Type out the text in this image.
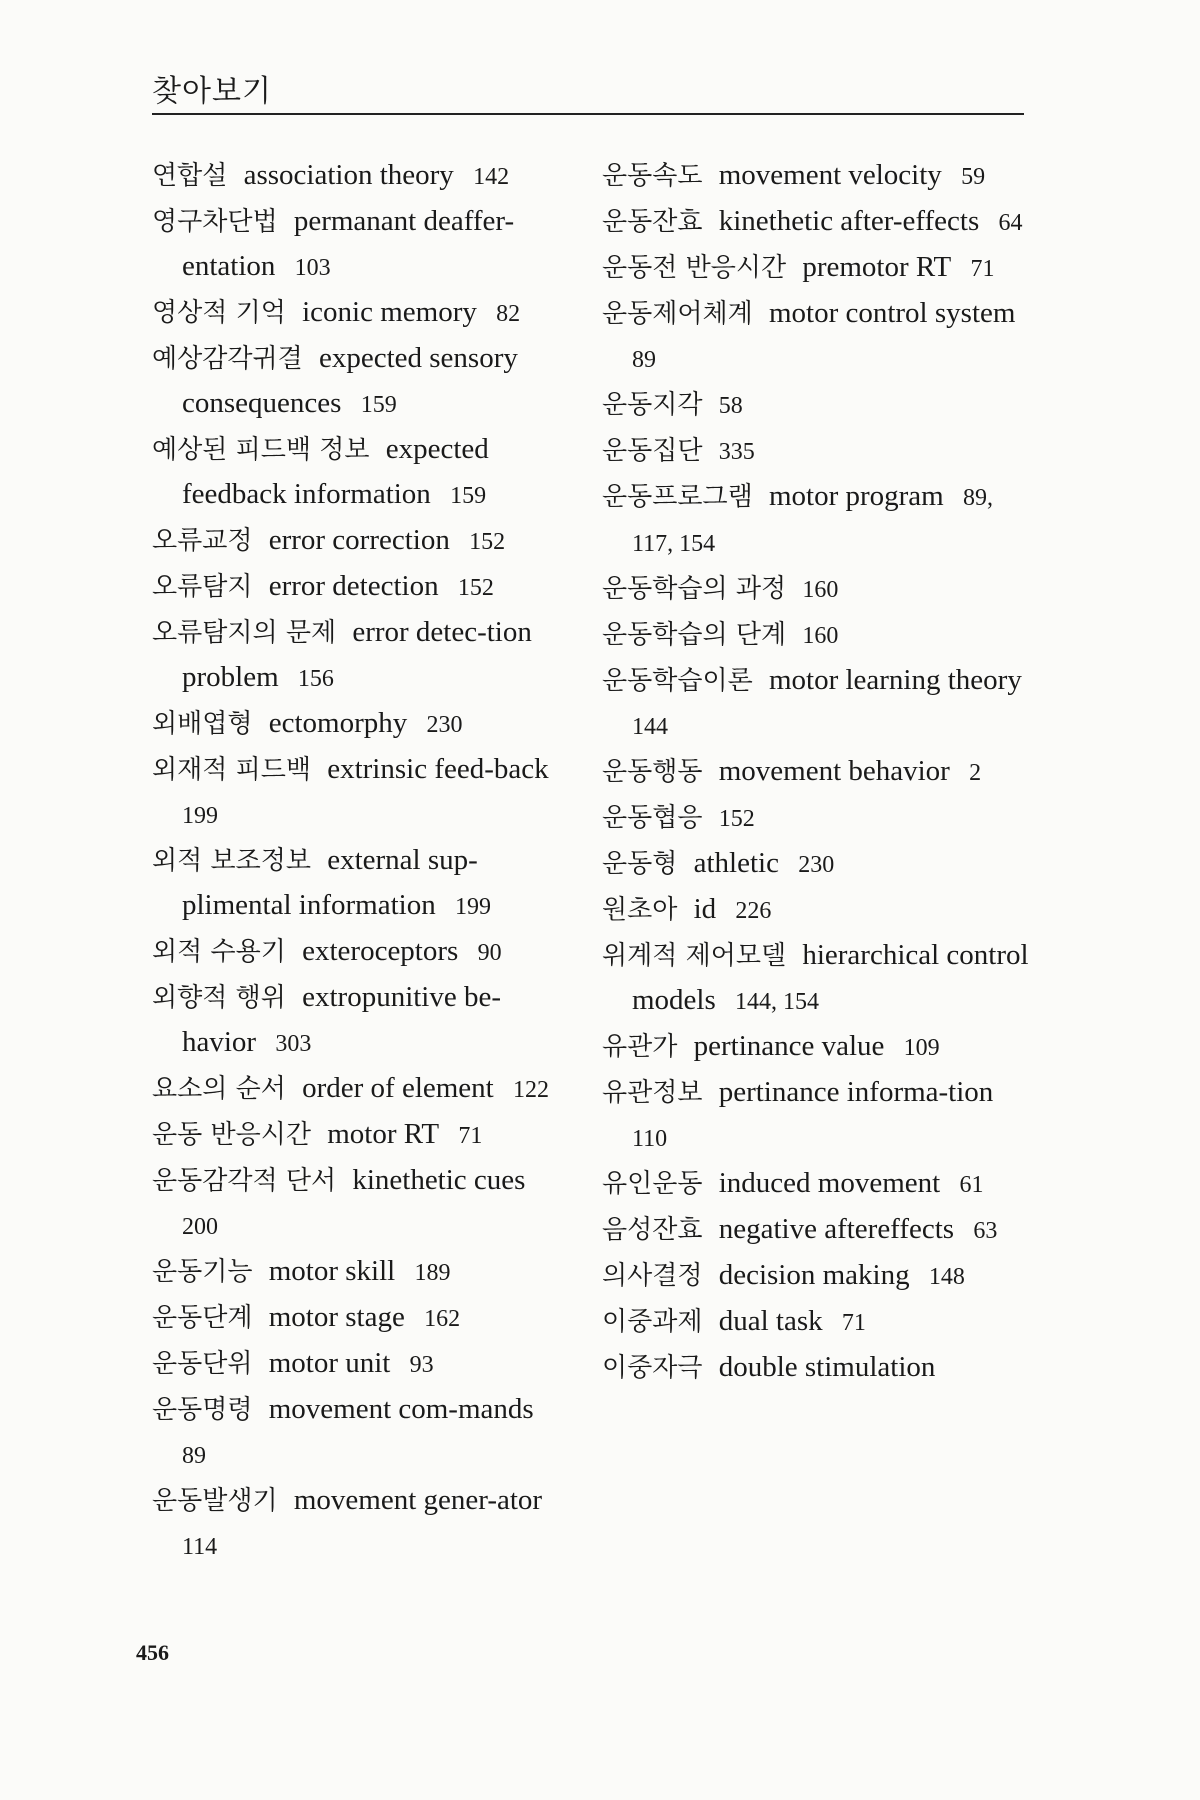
찾아보기
연합설 association theory 142
영구차단법 permanant deaffer-entation 103
영상적 기억 iconic memory 82
예상감각귀결 expected sensory consequences 159
예상된 피드백 정보 expected feedback information 159
오류교정 error correction 152
오류탐지 error detection 152
오류탐지의 문제 error detec-tion problem 156
외배엽형 ectomorphy 230
외재적 피드백 extrinsic feed-back 199
외적 보조정보 external sup-plimental information 199
외적 수용기 exteroceptors 90
외향적 행위 extropunitive be-havior 303
요소의 순서 order of element 122
운동 반응시간 motor RT 71
운동감각적 단서 kinethetic cues 200
운동기능 motor skill 189
운동단계 motor stage 162
운동단위 motor unit 93
운동명령 movement com-mands 89
운동발생기 movement gener-ator 114
운동속도 movement velocity 59
운동잔효 kinethetic after-effects 64
운동전 반응시간 premotor RT 71
운동제어체계 motor control system 89
운동지각 58
운동집단 335
운동프로그램 motor program 89, 117, 154
운동학습의 과정 160
운동학습의 단계 160
운동학습이론 motor learning theory 144
운동행동 movement behavior 2
운동협응 152
운동형 athletic 230
원초아 id 226
위계적 제어모델 hierarchical control models 144, 154
유관가 pertinance value 109
유관정보 pertinance informa-tion 110
유인운동 induced movement 61
음성잔효 negative aftereffects 63
의사결정 decision making 148
이중과제 dual task 71
이중자극 double stimulation
456
